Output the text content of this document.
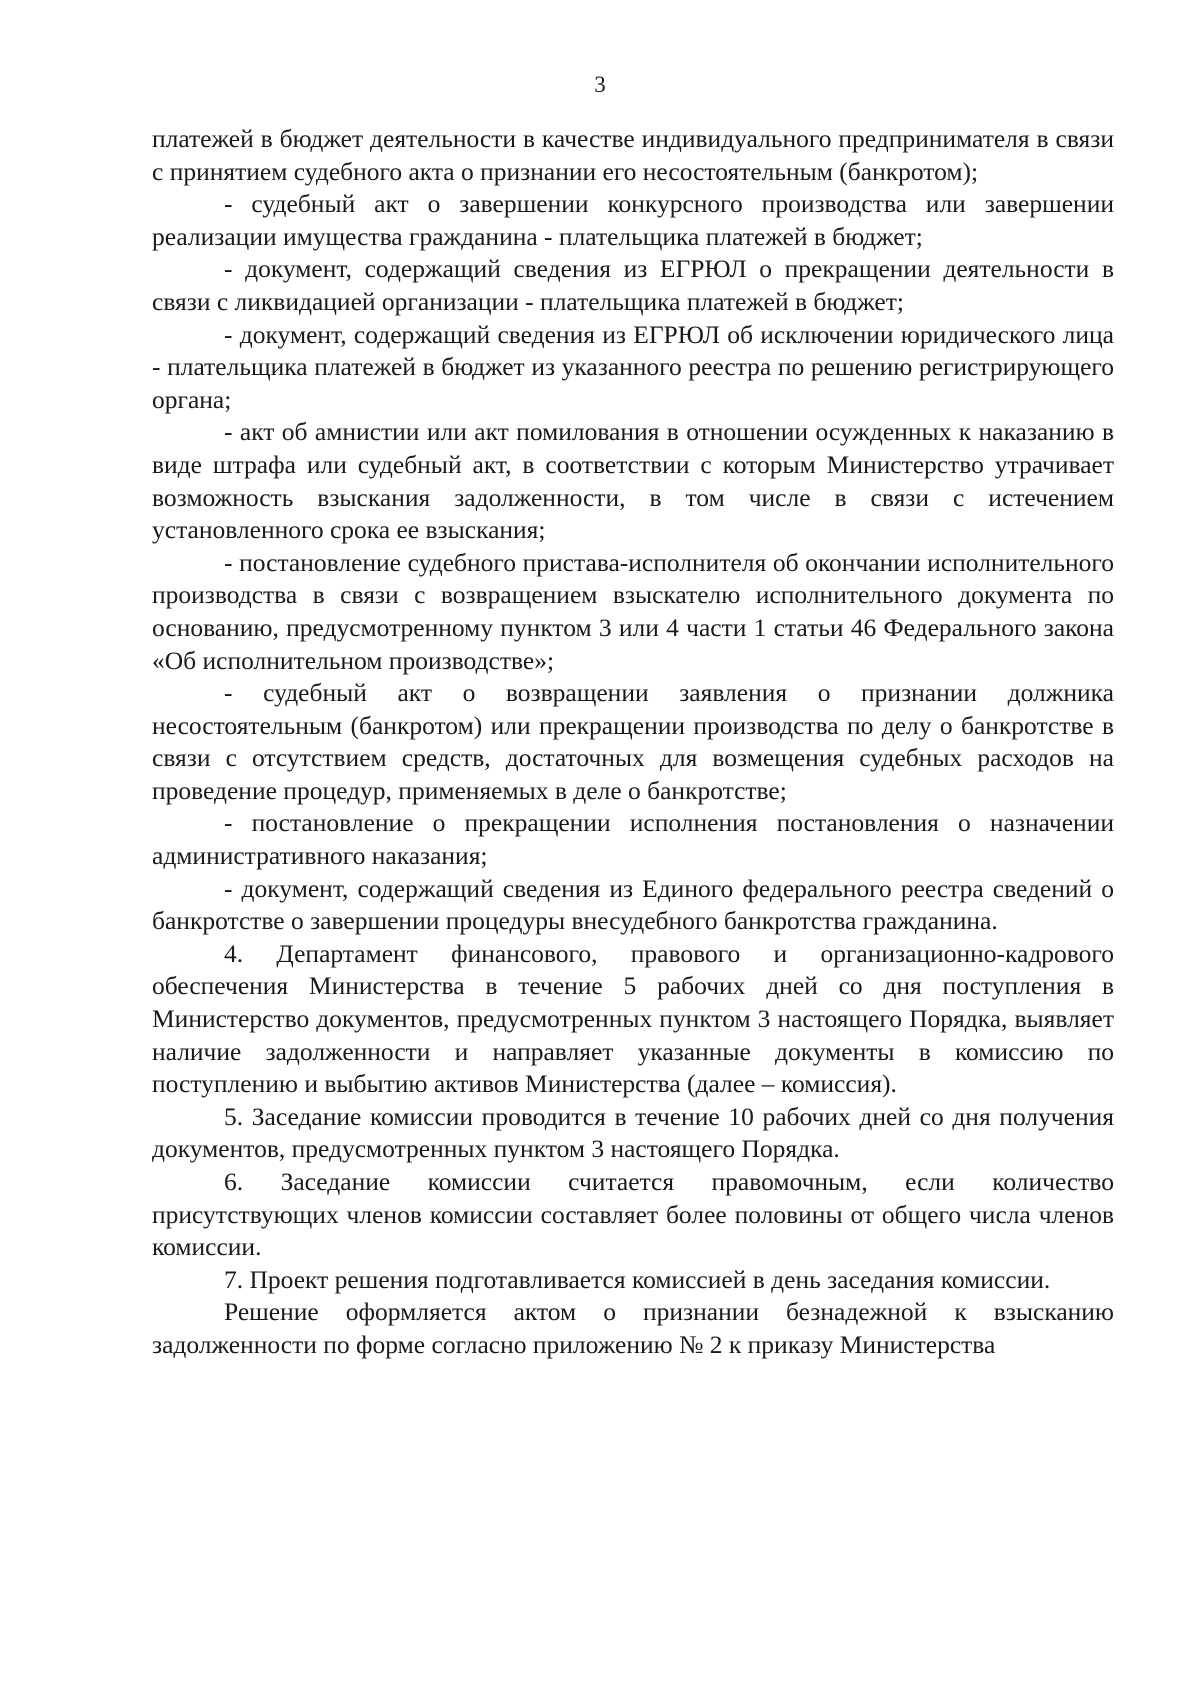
3

платежей в бюджет деятельности в качестве индивидуального предпринимателя в связи с принятием судебного акта о признании его несостоятельным (банкротом);

- судебный акт о завершении конкурсного производства или завершении реализации имущества гражданина - плательщика платежей в бюджет;

- документ, содержащий сведения из ЕГРЮЛ о прекращении деятельности в связи с ликвидацией организации - плательщика платежей в бюджет;

- документ, содержащий сведения из ЕГРЮЛ об исключении юридического лица - плательщика платежей в бюджет из указанного реестра по решению регистрирующего органа;

- акт об амнистии или акт помилования в отношении осужденных к наказанию в виде штрафа или судебный акт, в соответствии с которым Министерство утрачивает возможность взыскания задолженности, в том числе в связи с истечением установленного срока ее взыскания;

- постановление судебного пристава-исполнителя об окончании исполнительного производства в связи с возвращением взыскателю исполнительного документа по основанию, предусмотренному пунктом 3 или 4 части 1 статьи 46 Федерального закона «Об исполнительном производстве»;

- судебный акт о возвращении заявления о признании должника несостоятельным (банкротом) или прекращении производства по делу о банкротстве в связи с отсутствием средств, достаточных для возмещения судебных расходов на проведение процедур, применяемых в деле о банкротстве;

- постановление о прекращении исполнения постановления о назначении административного наказания;

- документ, содержащий сведения из Единого федерального реестра сведений о банкротстве о завершении процедуры внесудебного банкротства гражданина.

4. Департамент финансового, правового и организационно-кадрового обеспечения Министерства в течение 5 рабочих дней со дня поступления в Министерство документов, предусмотренных пунктом 3 настоящего Порядка, выявляет наличие задолженности и направляет указанные документы в комиссию по поступлению и выбытию активов Министерства (далее – комиссия).

5. Заседание комиссии проводится в течение 10 рабочих дней со дня получения документов, предусмотренных пунктом 3 настоящего Порядка.

6. Заседание комиссии считается правомочным, если количество присутствующих членов комиссии составляет более половины от общего числа членов комиссии.

7. Проект решения подготавливается комиссией в день заседания комиссии.

Решение оформляется актом о признании безнадежной к взысканию задолженности по форме согласно приложению № 2 к приказу Министерства
